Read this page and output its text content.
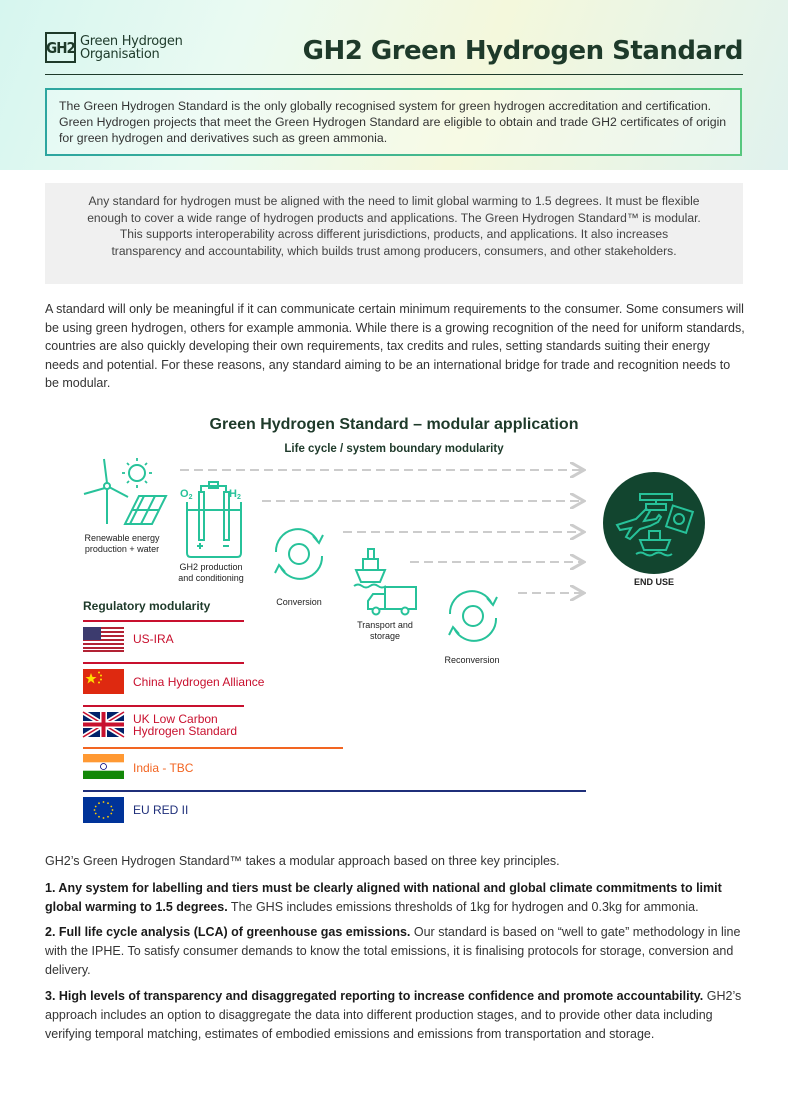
GH2 Green Hydrogen
Organisation	GH2 Green Hydrogen Standard
The Green Hydrogen Standard is the only globally recognised system for green hydrogen accreditation and certification. Green Hydrogen projects that meet the Green Hydrogen Standard are eligible to obtain and trade GH2 certificates of origin for green hydrogen and derivatives such as green ammonia.
Any standard for hydrogen must be aligned with the need to limit global warming to 1.5 degrees. It must be flexible enough to cover a wide range of hydrogen products and applications. The Green Hydrogen Standard™ is modular. This supports interoperability across different jurisdictions, products, and applications. It also increases transparency and accountability, which builds trust among producers, consumers, and other stakeholders.
A standard will only be meaningful if it can communicate certain minimum requirements to the consumer. Some consumers will be using green hydrogen, others for example ammonia. While there is a growing recognition of the need for uniform standards, countries are also quickly developing their own requirements, tax credits and rules, setting standards suiting their energy needs and potential. For these reasons, any standard aiming to be an international bridge for trade and recognition needs to be modular.
Green Hydrogen Standard – modular application
Life cycle / system boundary modularity
O2	H2
Renewable energy
production + water
GH2 production
and conditioning
Conversion
Transport and
storage
Reconversion
END USE
Regulatory modularity
US-IRA
China Hydrogen Alliance
UK Low Carbon
Hydrogen Standard
India - TBC
EU RED II
GH2’s Green Hydrogen Standard™ takes a modular approach based on three key principles.
1. Any system for labelling and tiers must be clearly aligned with national and global climate commitments to limit global warming to 1.5 degrees. The GHS includes emissions thresholds of 1kg for hydrogen and 0.3kg for ammonia.
2. Full life cycle analysis (LCA) of greenhouse gas emissions. Our standard is based on “well to gate” methodology in line with the IPHE. To satisfy consumer demands to know the total emissions, it is finalising protocols for storage, conversion and delivery.
3. High levels of transparency and disaggregated reporting to increase confidence and promote accountability. GH2’s approach includes an option to disaggregate the data into different production stages, and to provide other data including verifying temporal matching, estimates of embodied emissions and emissions from transportation and storage.
